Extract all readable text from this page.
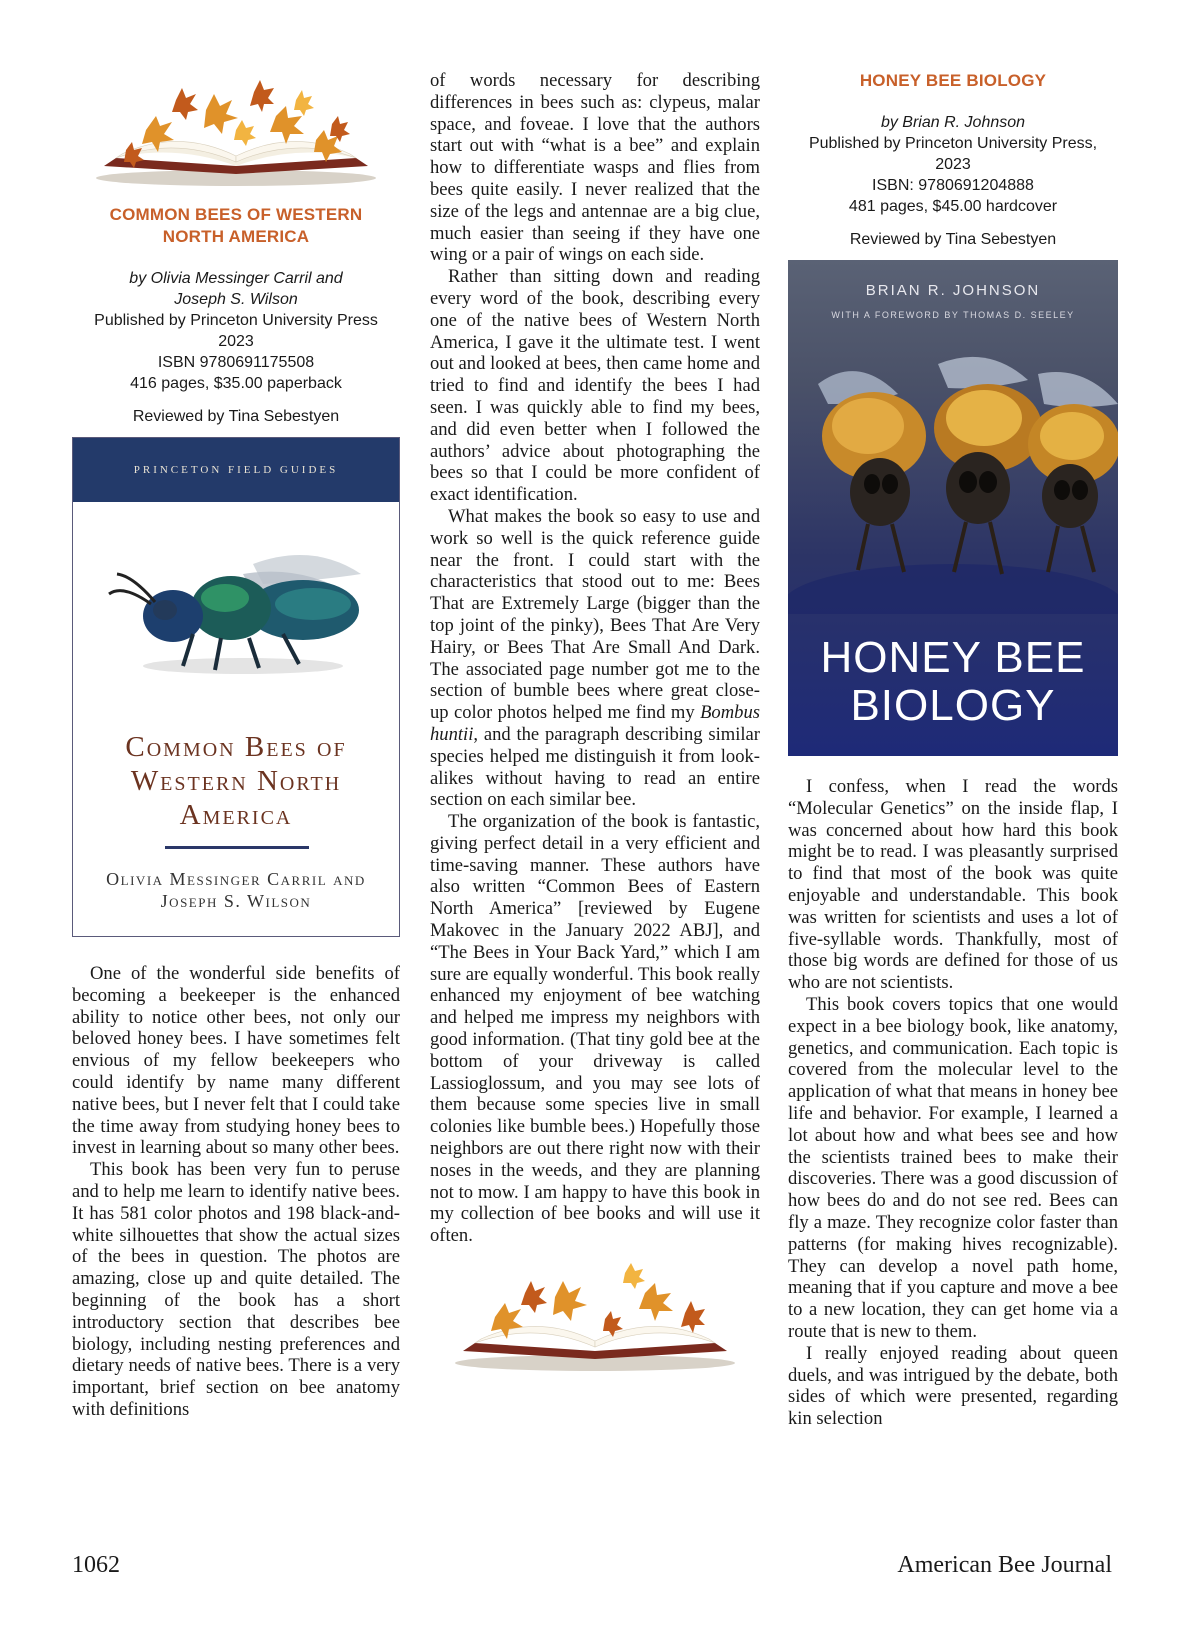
COMMON BEES OF WESTERN
NORTH AMERICA
by Olivia Messinger Carril and
Joseph S. Wilson
Published by Princeton University Press
2023
ISBN 9780691175508
416 pages, $35.00 paperback
Reviewed by Tina Sebestyen
PRINCETON FIELD GUIDES
Common Bees of Western North America
Olivia Messinger Carril and Joseph S. Wilson

One of the wonderful side benefits of becoming a beekeeper is the enhanced ability to notice other bees, not only our beloved honey bees. I have sometimes felt envious of my fellow beekeepers who could identify by name many different native bees, but I never felt that I could take the time away from studying honey bees to invest in learning about so many other bees.

This book has been very fun to peruse and to help me learn to identify native bees. It has 581 color photos and 198 black-and-white silhouettes that show the actual sizes of the bees in question. The photos are amazing, close up and quite detailed. The beginning of the book has a short introductory section that describes bee biology, including nesting preferences and dietary needs of native bees. There is a very important, brief section on bee anatomy with definitions

of words necessary for describing differences in bees such as: clypeus, malar space, and foveae. I love that the authors start out with “what is a bee” and explain how to differentiate wasps and flies from bees quite easily. I never realized that the size of the legs and antennae are a big clue, much easier than seeing if they have one wing or a pair of wings on each side.

Rather than sitting down and reading every word of the book, describing every one of the native bees of Western North America, I gave it the ultimate test. I went out and looked at bees, then came home and tried to find and identify the bees I had seen. I was quickly able to find my bees, and did even better when I followed the authors’ advice about photographing the bees so that I could be more confident of exact identification.

What makes the book so easy to use and work so well is the quick reference guide near the front. I could start with the characteristics that stood out to me: Bees That are Extremely Large (bigger than the top joint of the pinky), Bees That Are Very Hairy, or Bees That Are Small And Dark. The associated page number got me to the section of bumble bees where great close-up color photos helped me find my Bombus huntii, and the paragraph describing similar species helped me distinguish it from look-alikes without having to read an entire section on each similar bee.

The organization of the book is fantastic, giving perfect detail in a very efficient and time-saving manner. These authors have also written “Common Bees of Eastern North America” [reviewed by Eugene Makovec in the January 2022 ABJ], and “The Bees in Your Back Yard,” which I am sure are equally wonderful. This book really enhanced my enjoyment of bee watching and helped me impress my neighbors with good information. (That tiny gold bee at the bottom of your driveway is called Lassioglossum, and you may see lots of them because some species live in small colonies like bumble bees.) Hopefully those neighbors are out there right now with their noses in the weeds, and they are planning not to mow. I am happy to have this book in my collection of bee books and will use it often.

HONEY BEE BIOLOGY
by Brian R. Johnson
Published by Princeton University Press,
2023
ISBN: 9780691204888
481 pages, $45.00 hardcover
Reviewed by Tina Sebestyen
BRIAN R. JOHNSON
WITH A FOREWORD BY THOMAS D. SEELEY
HONEY BEE
BIOLOGY

I confess, when I read the words “Molecular Genetics” on the inside flap, I was concerned about how hard this book might be to read. I was pleasantly surprised to find that most of the book was quite enjoyable and understandable. This book was written for scientists and uses a lot of five-syllable words. Thankfully, most of those big words are defined for those of us who are not scientists.

This book covers topics that one would expect in a bee biology book, like anatomy, genetics, and communication. Each topic is covered from the molecular level to the application of what that means in honey bee life and behavior. For example, I learned a lot about how and what bees see and how the scientists trained bees to make their discoveries. There was a good discussion of how bees do and do not see red. Bees can fly a maze. They recognize color faster than patterns (for making hives recognizable). They can develop a novel path home, meaning that if you capture and move a bee to a new location, they can get home via a route that is new to them.

I really enjoyed reading about queen duels, and was intrigued by the debate, both sides of which were presented, regarding kin selection

1062	American Bee Journal
